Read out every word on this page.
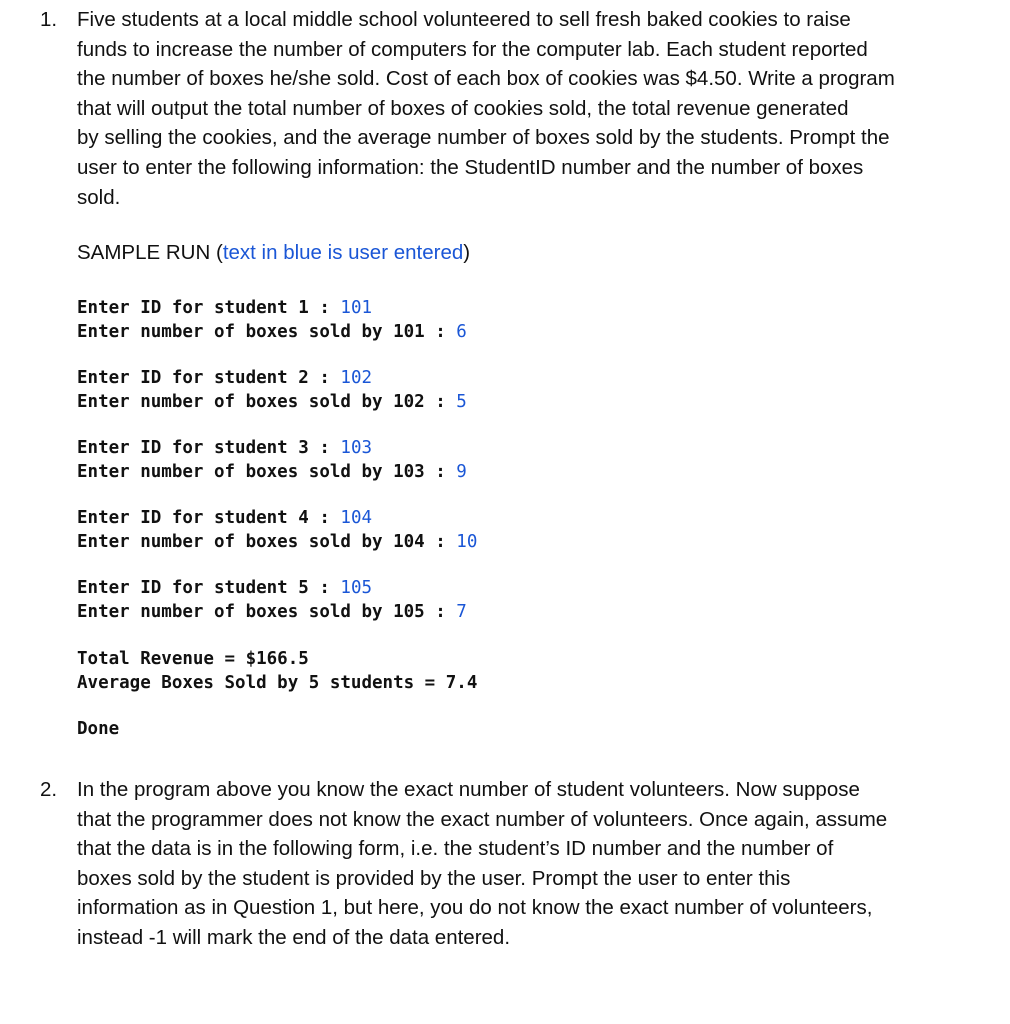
1. Five students at a local middle school volunteered to sell fresh baked cookies to raise
funds to increase the number of computers for the computer lab. Each student reported
the number of boxes he/she sold. Cost of each box of cookies was $4.50. Write a program
that will output the total number of boxes of cookies sold, the total revenue generated
by selling the cookies, and the average number of boxes sold by the students. Prompt the
user to enter the following information: the StudentID number and the number of boxes
sold.
SAMPLE RUN (text in blue is user entered)
Enter ID for student 1 : 101
Enter number of boxes sold by 101 : 6
Enter ID for student 2 : 102
Enter number of boxes sold by 102 : 5
Enter ID for student 3 : 103
Enter number of boxes sold by 103 : 9
Enter ID for student 4 : 104
Enter number of boxes sold by 104 : 10
Enter ID for student 5 : 105
Enter number of boxes sold by 105 : 7
Total Revenue = $166.5
Average Boxes Sold by 5 students = 7.4
Done
2. In the program above you know the exact number of student volunteers. Now suppose
that the programmer does not know the exact number of volunteers. Once again, assume
that the data is in the following form, i.e. the student’s ID number and the number of
boxes sold by the student is provided by the user. Prompt the user to enter this
information as in Question 1, but here, you do not know the exact number of volunteers,
instead -1 will mark the end of the data entered.
